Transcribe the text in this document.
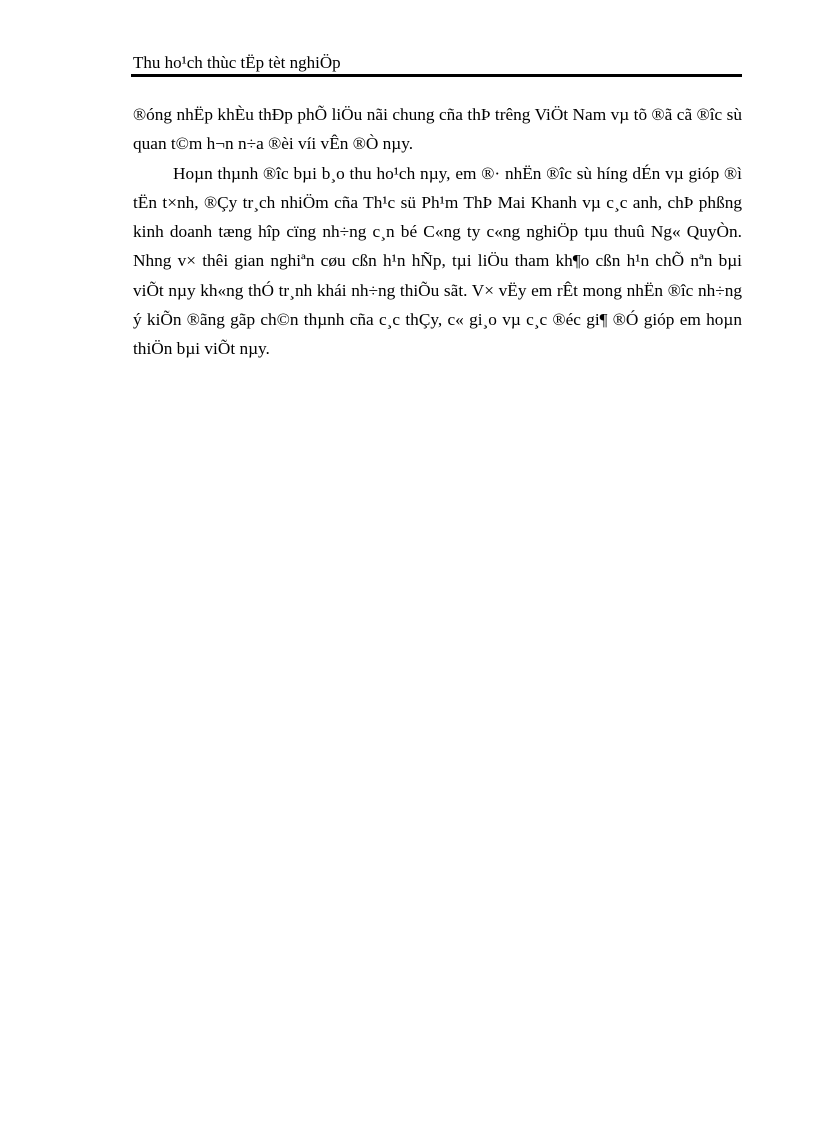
Thu ho¹ch thùc tËp tèt nghiÖp

®óng nhËp khÈu thÐp phÕ liÖu nãi chung cña thÞ trêng ViÖt Nam vµ tõ ®ã cã ®îc sù quan t©m h¬n n÷a ®èi víi vÊn ®Ò nµy.

Hoµn thµnh ®îc bµi b¸o thu ho¹ch nµy, em ®· nhËn ®îc sù híng dÉn vµ gióp ®ì tËn t×nh, ®Çy tr¸ch nhiÖm cña Th¹c sü Ph¹m ThÞ Mai Khanh vµ c¸c anh, chÞ phßng kinh doanh tæng hîp cïng nh÷ng c¸n bé C«ng ty c«ng nghiÖp tµu thuû Ng« QuyÒn. Nhng v× thêi gian nghiªn cøu cßn h¹n hÑp, tµi liÖu tham kh¶o cßn h¹n chÕ nªn bµi viÕt nµy kh«ng thÓ tr¸nh khái nh÷ng thiÕu sãt. V× vËy em rÊt mong nhËn ®îc nh÷ng ý kiÕn ®ãng gãp ch©n thµnh cña c¸c thÇy, c« gi¸o vµ c¸c ®éc gi¶ ®Ó gióp em hoµn thiÖn bµi viÕt nµy.
